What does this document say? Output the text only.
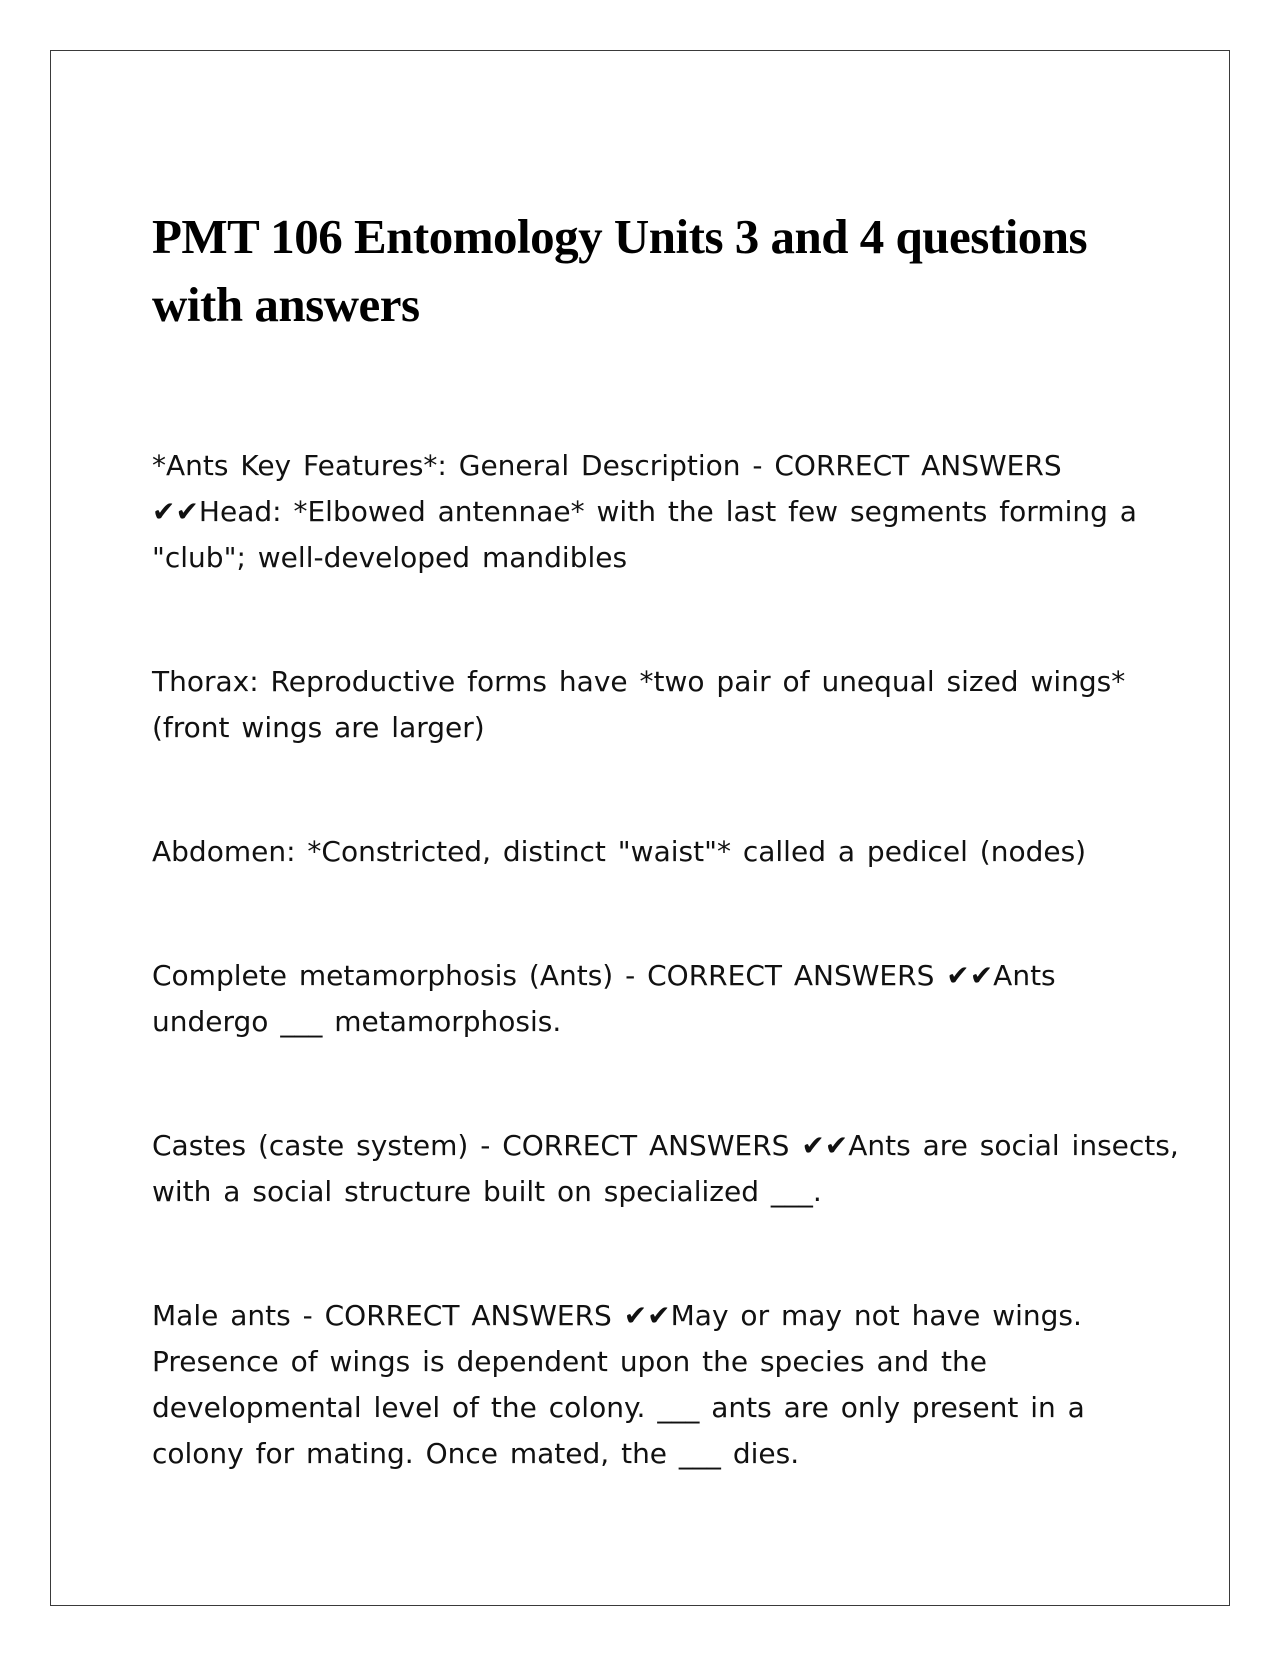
PMT 106 Entomology Units 3 and 4 questions with answers

*Ants Key Features*: General Description - CORRECT ANSWERS ✔✔Head: *Elbowed antennae* with the last few segments forming a "club"; well-developed mandibles

Thorax: Reproductive forms have *two pair of unequal sized wings* (front wings are larger)

Abdomen: *Constricted, distinct "waist"* called a pedicel (nodes)

Complete metamorphosis (Ants) - CORRECT ANSWERS ✔✔Ants undergo ___ metamorphosis.

Castes (caste system) - CORRECT ANSWERS ✔✔Ants are social insects, with a social structure built on specialized ___.

Male ants - CORRECT ANSWERS ✔✔May or may not have wings. Presence of wings is dependent upon the species and the developmental level of the colony. ___ ants are only present in a colony for mating. Once mated, the ___ dies.
